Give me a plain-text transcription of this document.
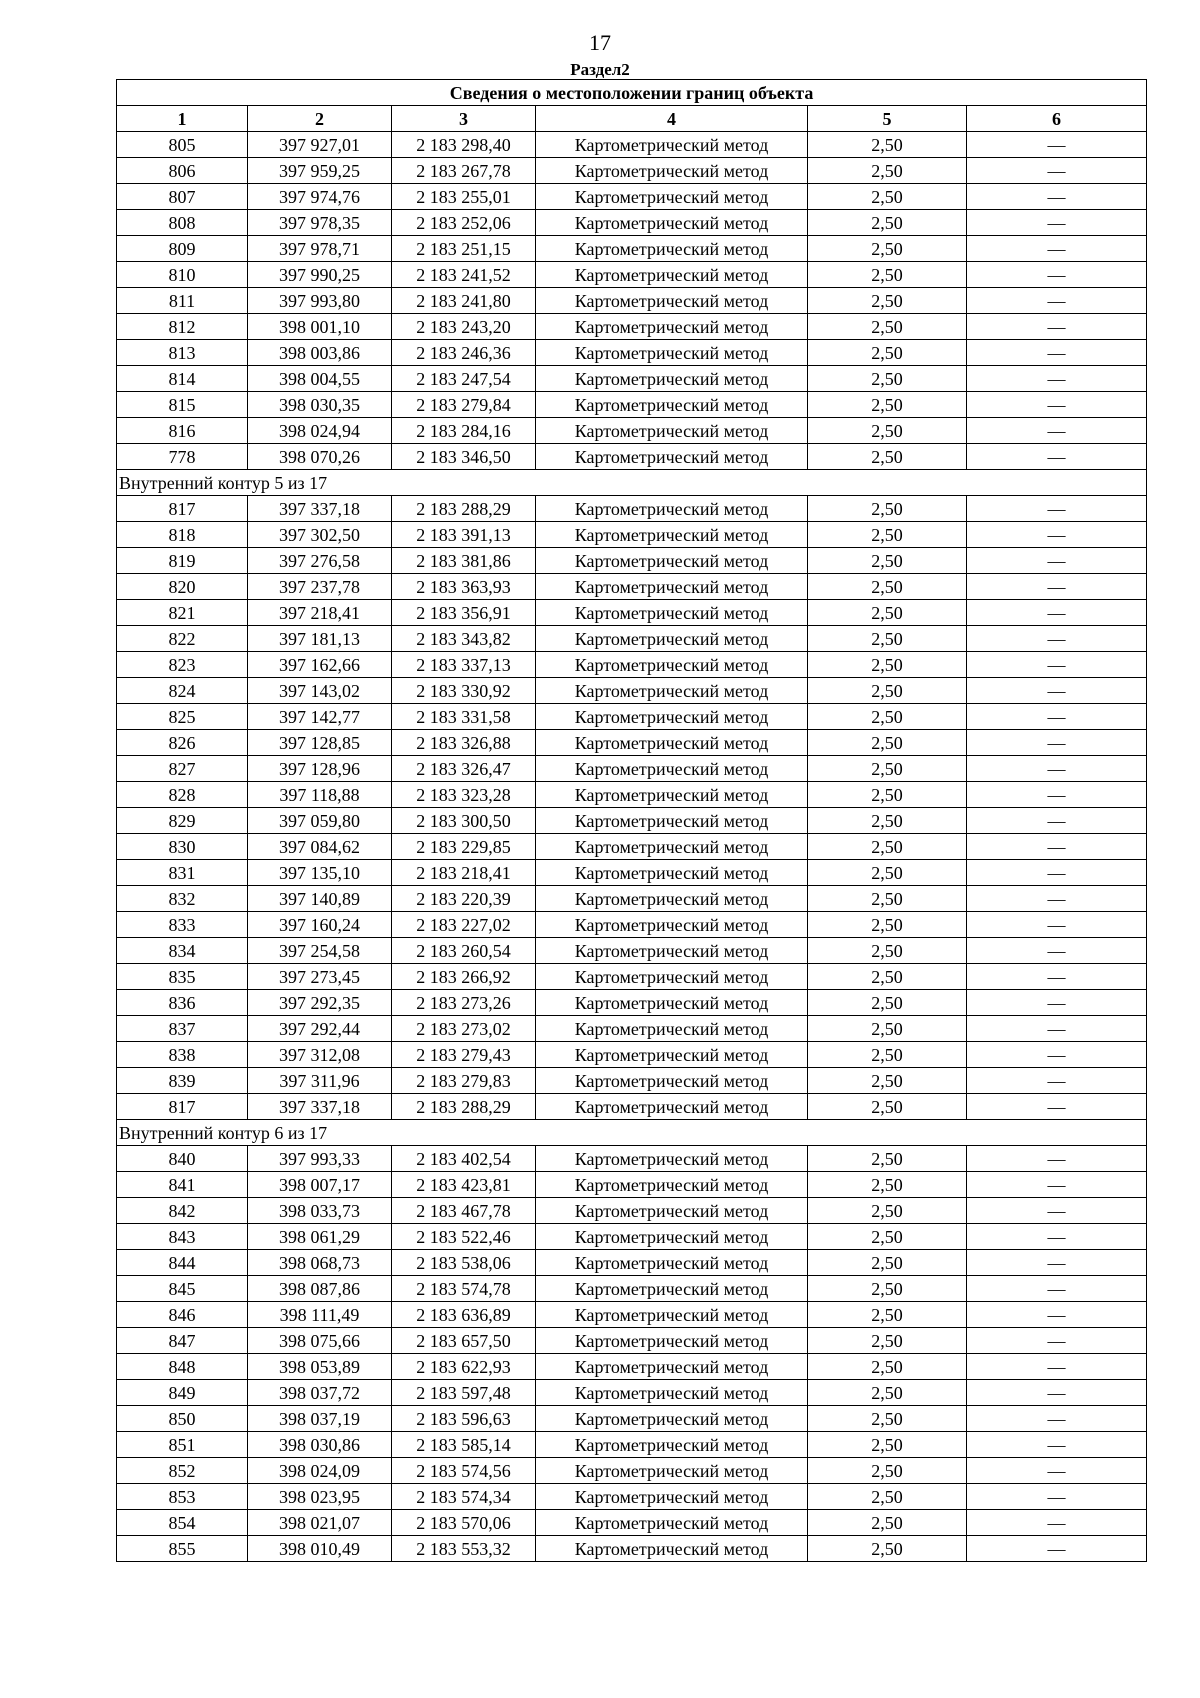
17
Раздел2
Сведения о местоположении границ объекта					
1	2	3	4	5	6
805	397 927,01	2 183 298,40	Картометрический метод	2,50	—
806	397 959,25	2 183 267,78	Картометрический метод	2,50	—
807	397 974,76	2 183 255,01	Картометрический метод	2,50	—
808	397 978,35	2 183 252,06	Картометрический метод	2,50	—
809	397 978,71	2 183 251,15	Картометрический метод	2,50	—
810	397 990,25	2 183 241,52	Картометрический метод	2,50	—
811	397 993,80	2 183 241,80	Картометрический метод	2,50	—
812	398 001,10	2 183 243,20	Картометрический метод	2,50	—
813	398 003,86	2 183 246,36	Картометрический метод	2,50	—
814	398 004,55	2 183 247,54	Картометрический метод	2,50	—
815	398 030,35	2 183 279,84	Картометрический метод	2,50	—
816	398 024,94	2 183 284,16	Картометрический метод	2,50	—
778	398 070,26	2 183 346,50	Картометрический метод	2,50	—
Внутренний контур 5 из 17					
817	397 337,18	2 183 288,29	Картометрический метод	2,50	—
818	397 302,50	2 183 391,13	Картометрический метод	2,50	—
819	397 276,58	2 183 381,86	Картометрический метод	2,50	—
820	397 237,78	2 183 363,93	Картометрический метод	2,50	—
821	397 218,41	2 183 356,91	Картометрический метод	2,50	—
822	397 181,13	2 183 343,82	Картометрический метод	2,50	—
823	397 162,66	2 183 337,13	Картометрический метод	2,50	—
824	397 143,02	2 183 330,92	Картометрический метод	2,50	—
825	397 142,77	2 183 331,58	Картометрический метод	2,50	—
826	397 128,85	2 183 326,88	Картометрический метод	2,50	—
827	397 128,96	2 183 326,47	Картометрический метод	2,50	—
828	397 118,88	2 183 323,28	Картометрический метод	2,50	—
829	397 059,80	2 183 300,50	Картометрический метод	2,50	—
830	397 084,62	2 183 229,85	Картометрический метод	2,50	—
831	397 135,10	2 183 218,41	Картометрический метод	2,50	—
832	397 140,89	2 183 220,39	Картометрический метод	2,50	—
833	397 160,24	2 183 227,02	Картометрический метод	2,50	—
834	397 254,58	2 183 260,54	Картометрический метод	2,50	—
835	397 273,45	2 183 266,92	Картометрический метод	2,50	—
836	397 292,35	2 183 273,26	Картометрический метод	2,50	—
837	397 292,44	2 183 273,02	Картометрический метод	2,50	—
838	397 312,08	2 183 279,43	Картометрический метод	2,50	—
839	397 311,96	2 183 279,83	Картометрический метод	2,50	—
817	397 337,18	2 183 288,29	Картометрический метод	2,50	—
Внутренний контур 6 из 17					
840	397 993,33	2 183 402,54	Картометрический метод	2,50	—
841	398 007,17	2 183 423,81	Картометрический метод	2,50	—
842	398 033,73	2 183 467,78	Картометрический метод	2,50	—
843	398 061,29	2 183 522,46	Картометрический метод	2,50	—
844	398 068,73	2 183 538,06	Картометрический метод	2,50	—
845	398 087,86	2 183 574,78	Картометрический метод	2,50	—
846	398 111,49	2 183 636,89	Картометрический метод	2,50	—
847	398 075,66	2 183 657,50	Картометрический метод	2,50	—
848	398 053,89	2 183 622,93	Картометрический метод	2,50	—
849	398 037,72	2 183 597,48	Картометрический метод	2,50	—
850	398 037,19	2 183 596,63	Картометрический метод	2,50	—
851	398 030,86	2 183 585,14	Картометрический метод	2,50	—
852	398 024,09	2 183 574,56	Картометрический метод	2,50	—
853	398 023,95	2 183 574,34	Картометрический метод	2,50	—
854	398 021,07	2 183 570,06	Картометрический метод	2,50	—
855	398 010,49	2 183 553,32	Картометрический метод	2,50	—
